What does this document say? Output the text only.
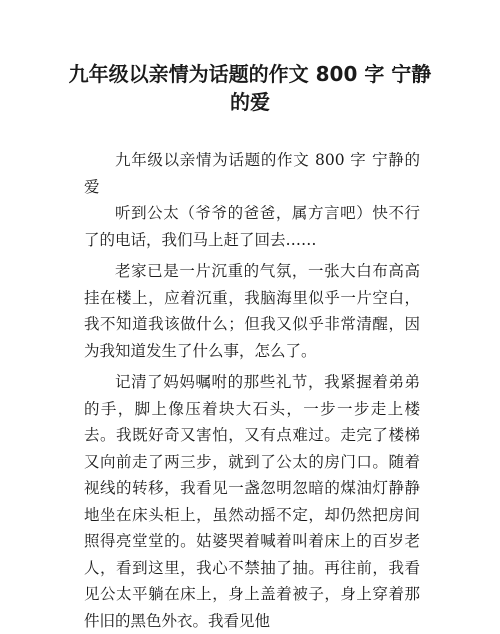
九年级以亲情为话题的作文 800 字 宁静的爱

九年级以亲情为话题的作文 800 字 宁静的爱

听到公太（爷爷的爸爸，属方言吧）快不行了的电话，我们马上赶了回去……

老家已是一片沉重的气氛，一张大白布高高挂在楼上，应着沉重，我脑海里似乎一片空白，我不知道我该做什么；但我又似乎非常清醒，因为我知道发生了什么事，怎么了。

记清了妈妈嘱咐的那些礼节，我紧握着弟弟的手，脚上像压着块大石头，一步一步走上楼去。我既好奇又害怕，又有点难过。走完了楼梯又向前走了两三步，就到了公太的房门口。随着视线的转移，我看见一盏忽明忽暗的煤油灯静静地坐在床头柜上，虽然动摇不定，却仍然把房间照得亮堂堂的。姑婆哭着喊着叫着床上的百岁老人，看到这里，我心不禁抽了抽。再往前，我看见公太平躺在床上，身上盖着被子，身上穿着那件旧的黑色外衣。我看见他
